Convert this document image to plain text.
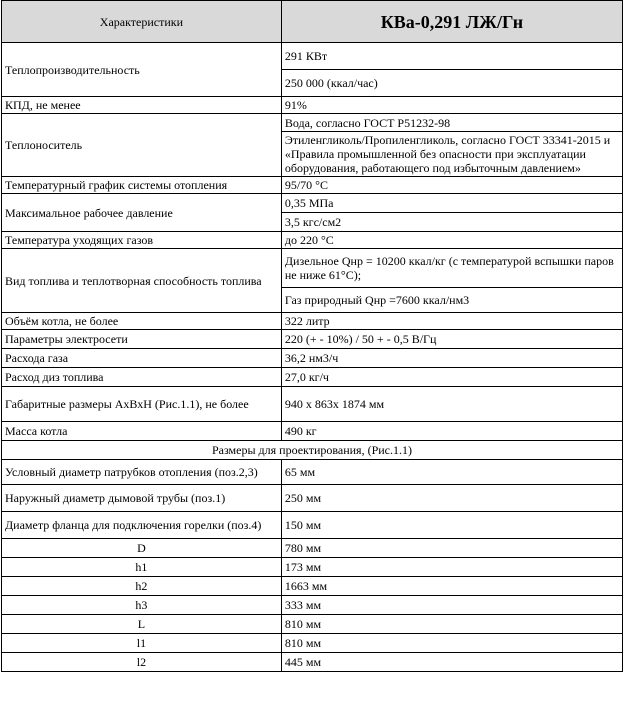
Характеристики	КВа-0,291 ЛЖ/Гн
Теплопроизводительность	291 КВт
	250 000 (ккал/час)
КПД, не менее	91%
Теплоноситель	Вода, согласно ГОСТ Р51232-98
	Этиленгликоль/Пропиленгликоль, согласно ГОСТ 33341-2015 и «Правила промышленной без опасности при эксплуатации оборудования, работающего под избыточным давлением»
Температурный график системы отопления	95/70 °С
Максимальное рабочее давление	0,35 МПа
	3,5 кгс/см2
Температура уходящих газов	до 220 °С
Вид топлива и теплотворная способность топлива	Дизельное Qнр = 10200 ккал/кг (с температурой вспышки паров не ниже 61°С);
	Газ природный Qнр =7600 ккал/нм3
Объём котла, не более	322 литр
Параметры электросети	220 (+ - 10%) / 50 + - 0,5 В/Гц
Расхода газа	36,2 нм3/ч
Расход диз топлива	27,0 кг/ч
Габаритные размеры АхВхН (Рис.1.1), не более	940 х 863х 1874 мм
Масса котла	490 кг
Размеры для проектирования, (Рис.1.1)	
Условный диаметр патрубков отопления (поз.2,3)	65 мм
Наружный диаметр дымовой трубы (поз.1)	250 мм
Диаметр фланца для подключения горелки (поз.4)	150 мм
D	780 мм
h1	173 мм
h2	1663 мм
h3	333 мм
L	810 мм
l1	810 мм
l2	445 мм
